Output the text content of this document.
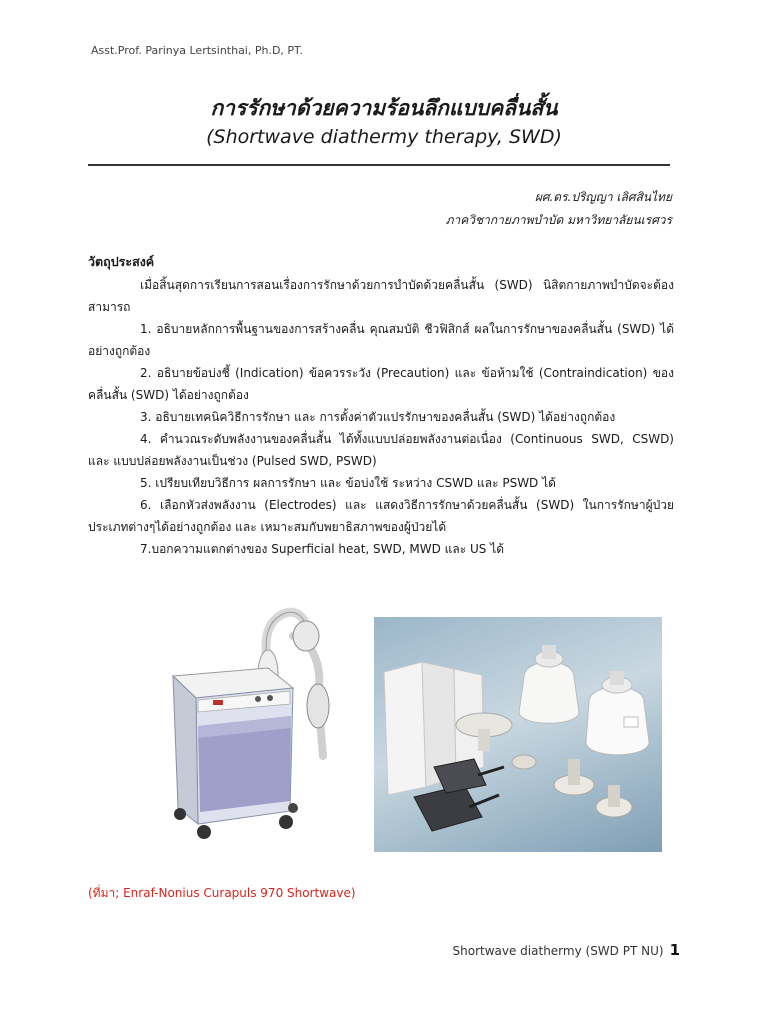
Asst.Prof. Parinya Lertsinthai, Ph.D, PT.
การรักษาด้วยความร้อนลึกแบบคลื่นสั้น
(Shortwave diathermy therapy, SWD)
ผศ.ดร.ปริญญา เลิศสินไทย
ภาควิชากายภาพบำบัด มหาวิทยาลัยนเรศวร
วัตถุประสงค์

เมื่อสิ้นสุดการเรียนการสอนเรื่องการรักษาด้วยการบำบัดด้วยคลื่นสั้น (SWD) นิสิตกายภาพบำบัดจะต้องสามารถ

1. อธิบายหลักการพื้นฐานของการสร้างคลื่น คุณสมบัติ ชีวฟิสิกส์ ผลในการรักษาของคลื่นสั้น (SWD) ได้อย่างถูกต้อง

2. อธิบายข้อบ่งชี้ (Indication) ข้อควรระวัง (Precaution) และ ข้อห้ามใช้ (Contraindication) ของคลื่นสั้น (SWD) ได้อย่างถูกต้อง

3. อธิบายเทคนิควิธีการรักษา และ การตั้งค่าตัวแปรรักษาของคลื่นสั้น (SWD) ได้อย่างถูกต้อง

4. คำนวณระดับพลังงานของคลื่นสั้น ได้ทั้งแบบปล่อยพลังงานต่อเนื่อง (Continuous SWD, CSWD) และ แบบปล่อยพลังงานเป็นช่วง (Pulsed SWD, PSWD)

5. เปรียบเทียบวิธีการ ผลการรักษา และ ข้อบ่งใช้ ระหว่าง CSWD และ PSWD ได้

6. เลือกหัวส่งพลังงาน (Electrodes) และ แสดงวิธีการรักษาด้วยคลื่นสั้น (SWD) ในการรักษาผู้ป่วยประเภทต่างๆได้อย่างถูกต้อง และ เหมาะสมกับพยาธิสภาพของผู้ป่วยได้

7.บอกความแตกต่างของ Superficial heat, SWD, MWD และ US ได้

(ที่มา; Enraf-Nonius Curapuls 970 Shortwave)
Shortwave diathermy (SWD PT NU) 1
